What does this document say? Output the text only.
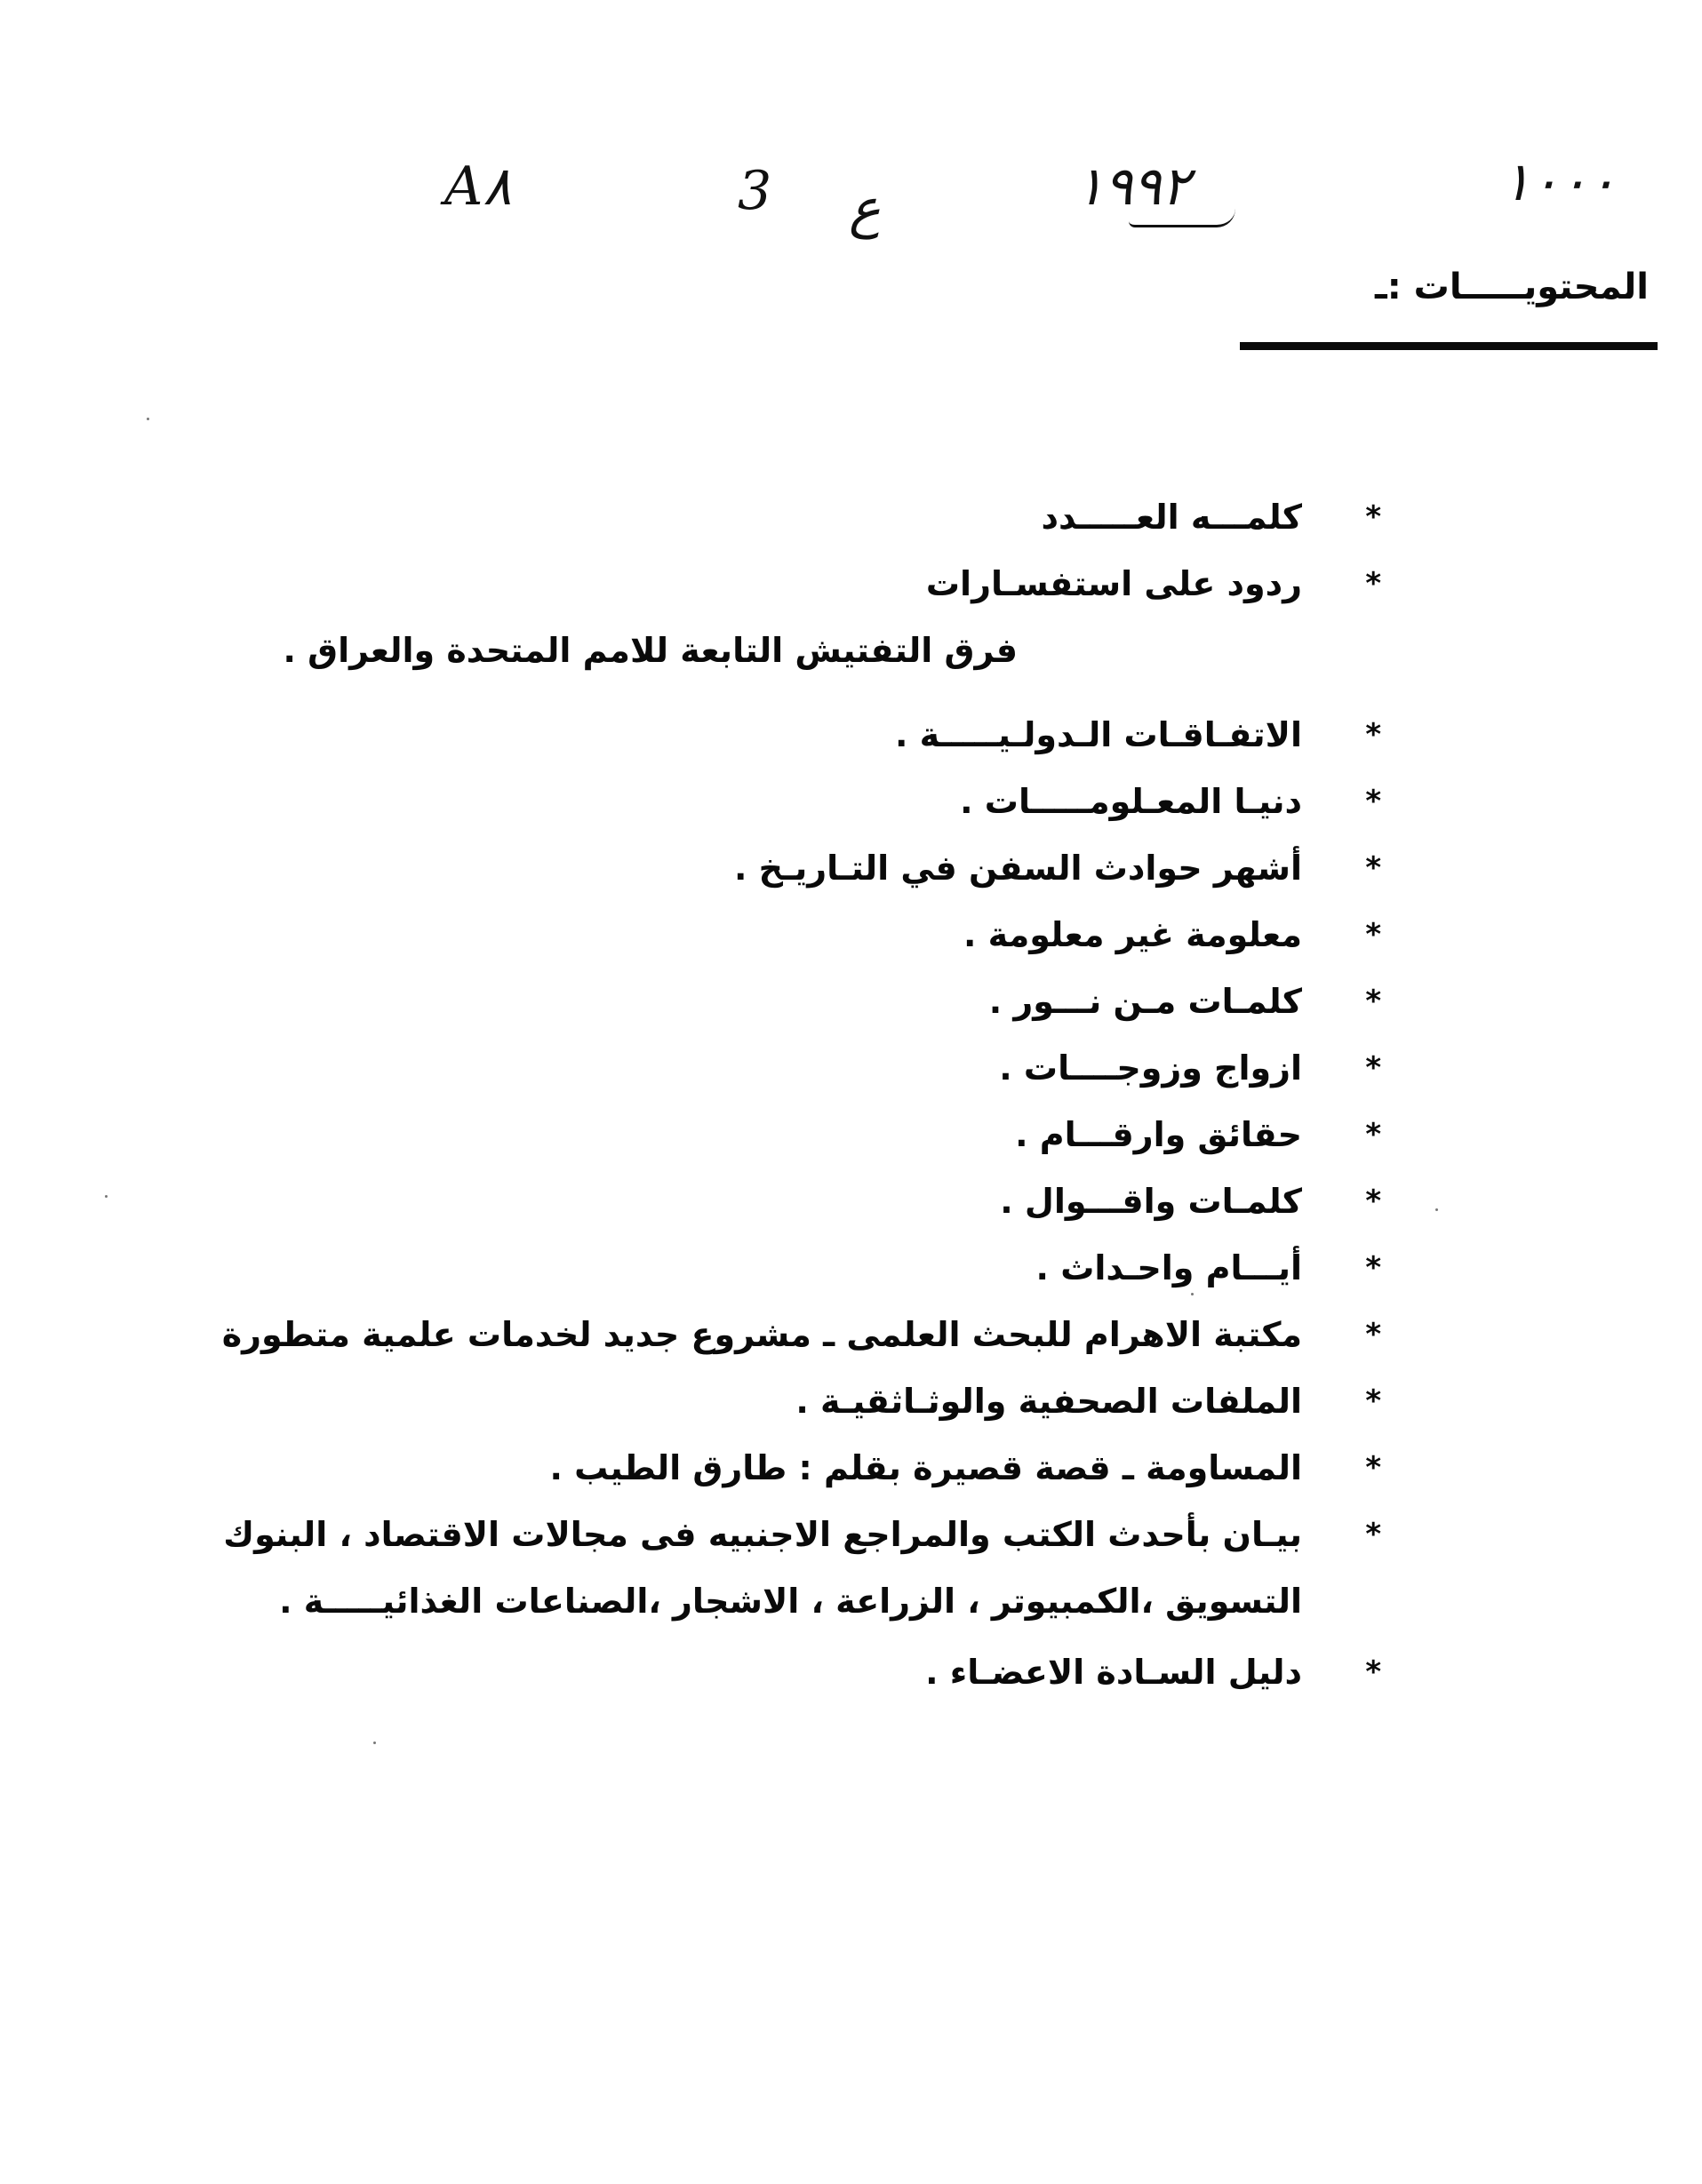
A۸	3 ع	۱۹۹۲	۱۰۰۰
المحتويـــــات :ـ
*
كلمـــه العـــــدد
*
ردود على استفسـارات
فرق التفتيش التابعة للامم المتحدة والعراق .
*
الاتفـاقـات الـدولـيـــــة .
*
دنيـا المعـلومـــــات .
*
أشهر حوادث السفن في التـاريـخ .
*
معلومة غير معلومة .
*
كلمـات مـن نـــور .
*
ازواج وزوجــــات .
*
حقائق وارقـــام .
*
كلمـات واقـــوال .
*
أيـــام واحـداث .
*
مكتبة الاهرام للبحث العلمى ـ مشروع جديد لخدمات علمية متطورة
*
الملفات الصحفية والوثـاثقيـة .
*
المساومة ـ قصة قصيرة بقلم : طارق الطيب .
*
بيـان بأحدث الكتب والمراجع الاجنبيه فى مجالات الاقتصاد ، البنوك
التسويق ،الكمبيوتر ، الزراعة ، الاشجار ،الصناعات الغذائيـــــة .
*
دليل السـادة الاعضـاء .
